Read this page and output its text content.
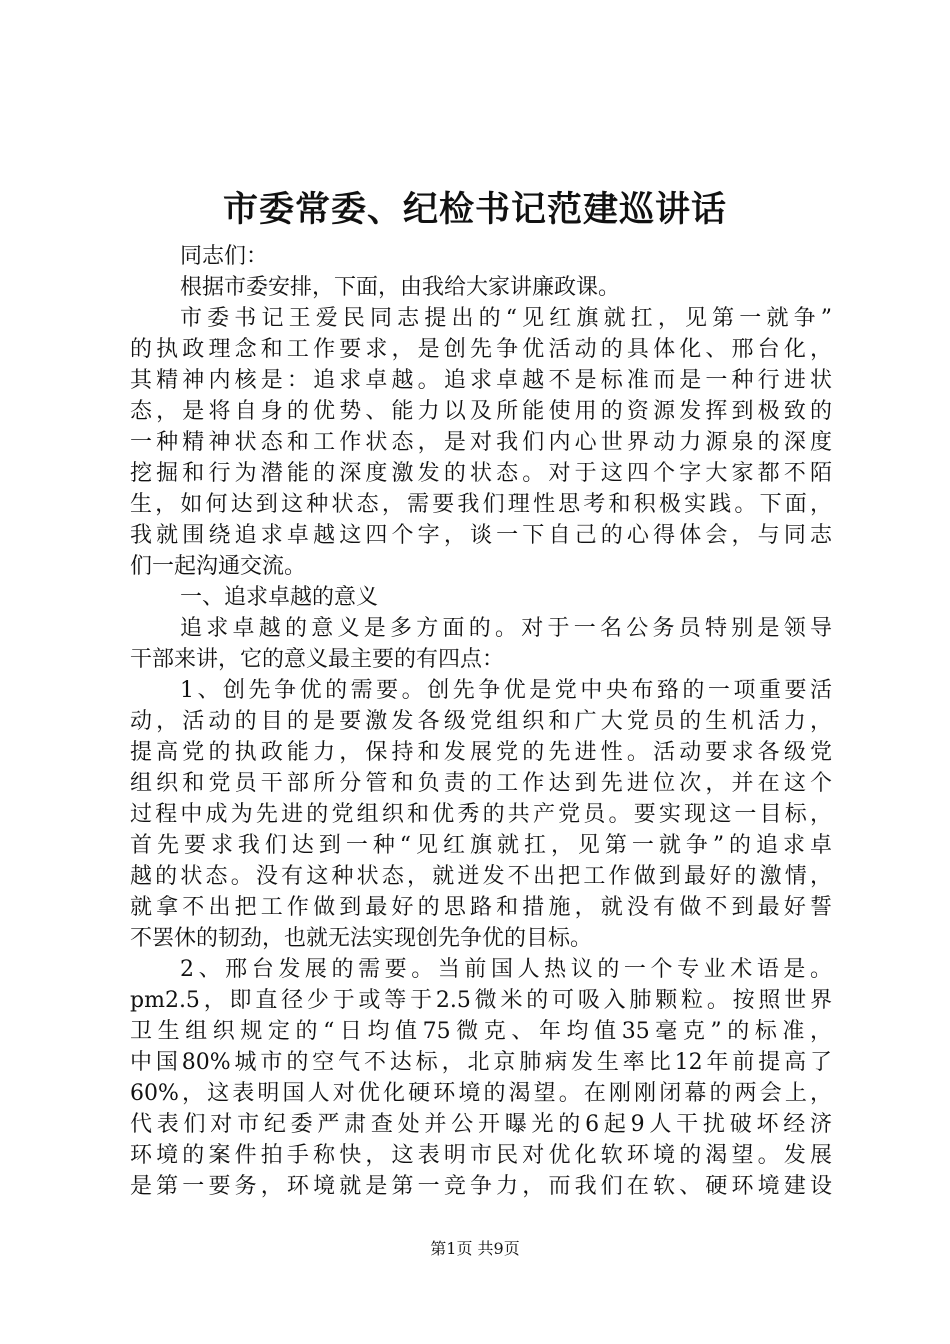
市委常委、纪检书记范建巡讲话
同志们：
根据市委安排，下面，由我给大家讲廉政课。
市委书记王爱民同志提出的“见红旗就扛，见第一就争”
的执政理念和工作要求，是创先争优活动的具体化、邢台化，
其精神内核是：追求卓越。追求卓越不是标准而是一种行进状
态，是将自身的优势、能力以及所能使用的资源发挥到极致的
一种精神状态和工作状态，是对我们内心世界动力源泉的深度
挖掘和行为潜能的深度激发的状态。对于这四个字大家都不陌
生，如何达到这种状态，需要我们理性思考和积极实践。下面，
我就围绕追求卓越这四个字，谈一下自己的心得体会，与同志
们一起沟通交流。
一、追求卓越的意义
追求卓越的意义是多方面的。对于一名公务员特别是领导
干部来讲，它的意义最主要的有四点：
1、创先争优的需要。创先争优是党中央布臵的一项重要活
动，活动的目的是要激发各级党组织和广大党员的生机活力，
提高党的执政能力，保持和发展党的先进性。活动要求各级党
组织和党员干部所分管和负责的工作达到先进位次，并在这个
过程中成为先进的党组织和优秀的共产党员。要实现这一目标，
首先要求我们达到一种“见红旗就扛，见第一就争”的追求卓
越的状态。没有这种状态，就迸发不出把工作做到最好的激情，
就拿不出把工作做到最好的思路和措施，就没有做不到最好誓
不罢休的韧劲，也就无法实现创先争优的目标。
2、邢台发展的需要。当前国人热议的一个专业术语是。
pm2.5，即直径少于或等于2.5微米的可吸入肺颗粒。按照世界
卫生组织规定的“日均值75微克、年均值35毫克”的标准，
中国80%城市的空气不达标，北京肺病发生率比12年前提高了
60%，这表明国人对优化硬环境的渴望。在刚刚闭幕的两会上，
代表们对市纪委严肃查处并公开曝光的6起9人干扰破坏经济
环境的案件拍手称快，这表明市民对优化软环境的渴望。发展
是第一要务，环境就是第一竞争力，而我们在软、硬环境建设
第1页 共9页
